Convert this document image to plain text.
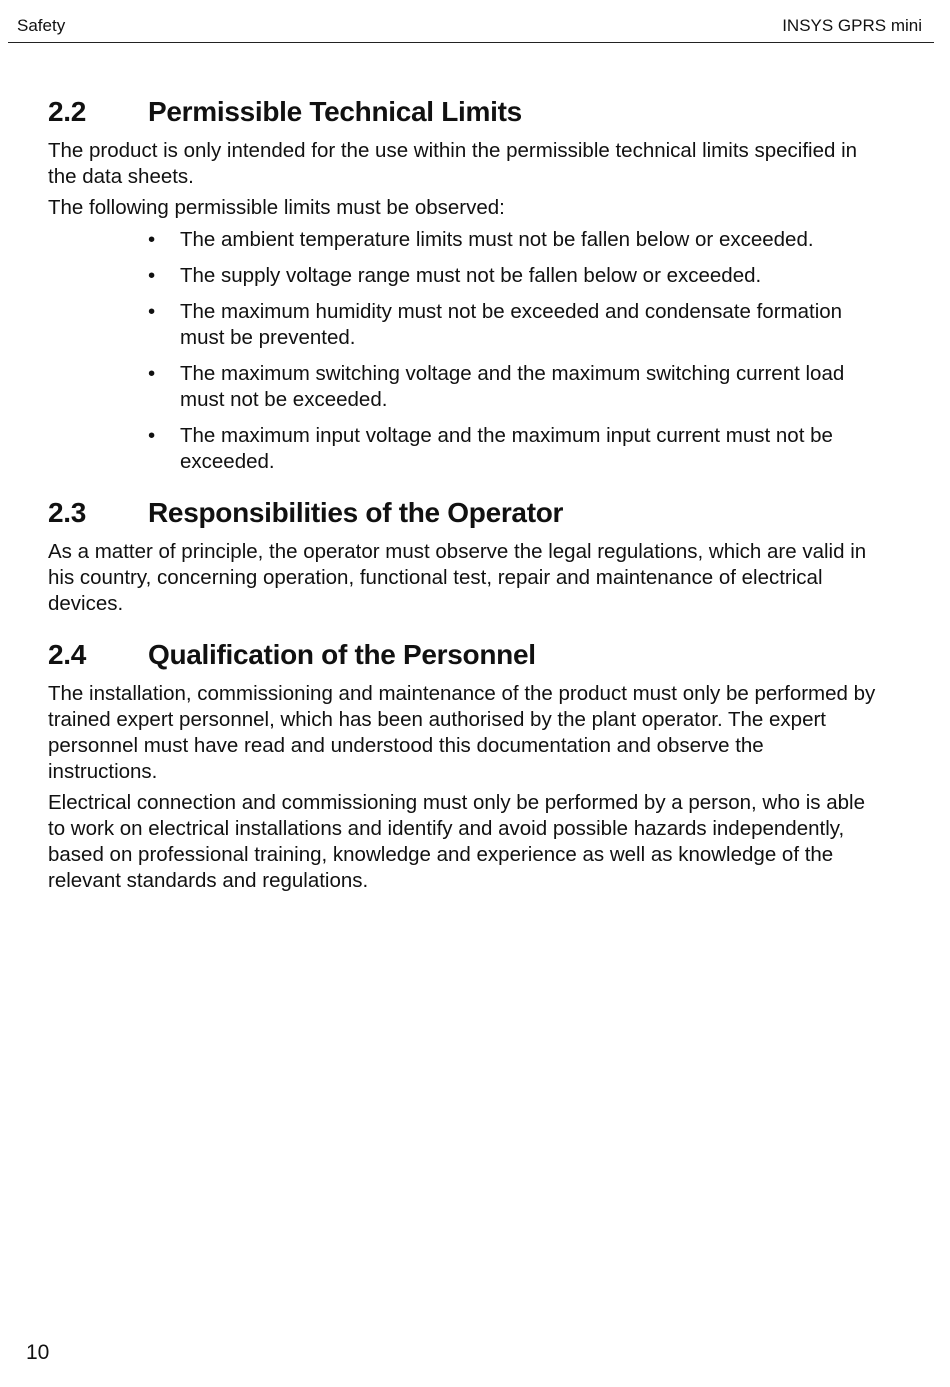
Safety	INSYS GPRS mini
2.2	Permissible Technical Limits

The product is only intended for the use within the permissible technical limits specified in the data sheets.

The following permissible limits must be observed:

•	The ambient temperature limits must not be fallen below or exceeded.
•	The supply voltage range must not be fallen below or exceeded.
•	The maximum humidity must not be exceeded and condensate formation must be prevented.
•	The maximum switching voltage and the maximum switching current load must not be exceeded.
•	The maximum input voltage and the maximum input current must not be exceeded.
2.3	Responsibilities of the Operator

As a matter of principle, the operator must observe the legal regulations, which are valid in his country, concerning operation, functional test, repair and maintenance of electrical devices.

2.4	Qualification of the Personnel

The installation, commissioning and maintenance of the product must only be performed by trained expert personnel, which has been authorised by the plant operator. The expert personnel must have read and understood this documentation and observe the instructions.

Electrical connection and commissioning must only be performed by a person, who is able to work on electrical installations and identify and avoid possible hazards independently, based on professional training, knowledge and experience as well as knowledge of the relevant standards and regulations.

10
